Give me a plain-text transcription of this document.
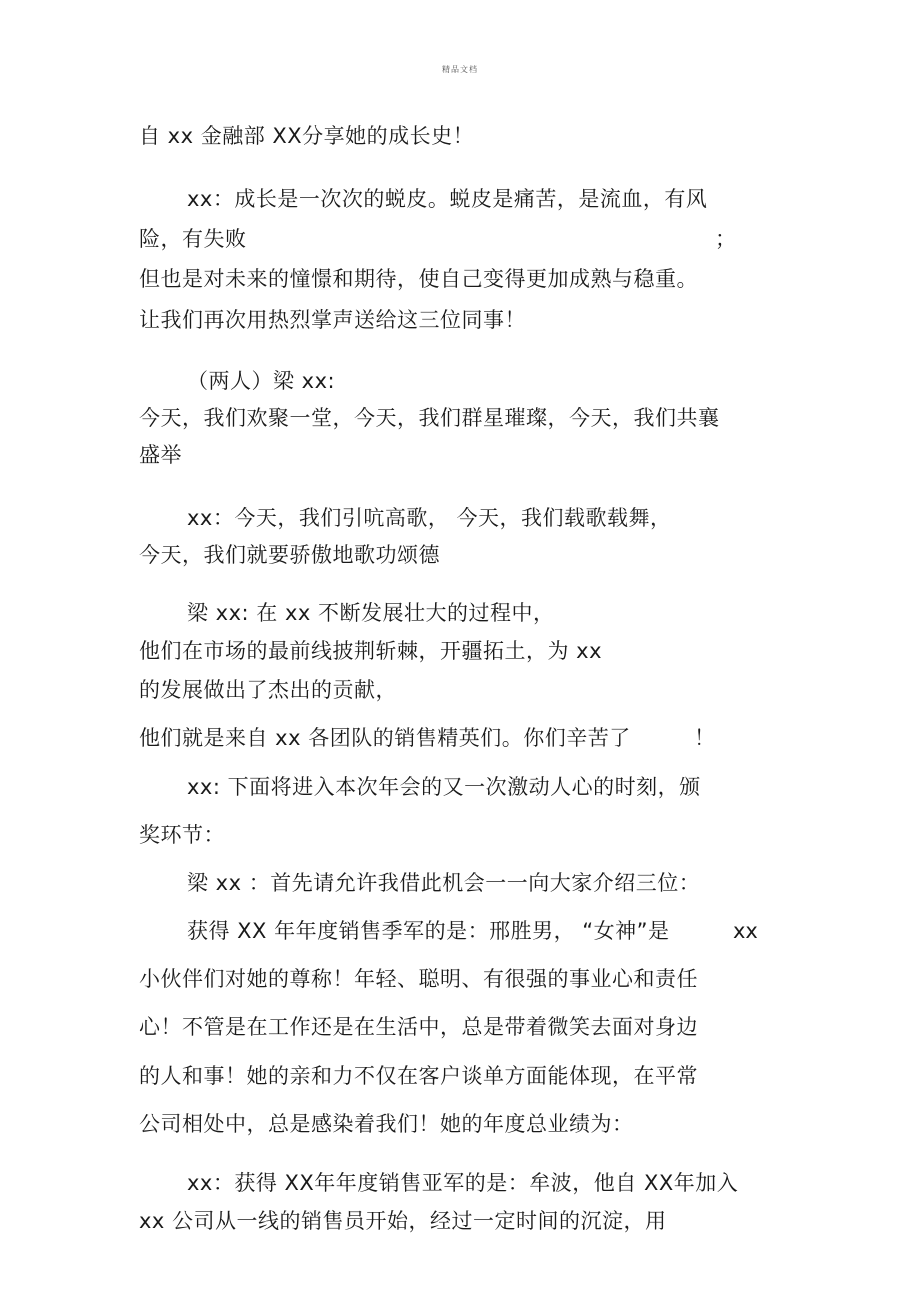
精品文档
自 xx 金融部 XX分享她的成长史！
xx：成长是一次次的蜕皮。蜕皮是痛苦，是流血，有风
险，有失败	；
但也是对未来的憧憬和期待，使自己变得更加成熟与稳重。
让我们再次用热烈掌声送给这三位同事！
（两人）梁 xx:
今天，我们欢聚一堂，今天，我们群星璀璨，今天，我们共襄
盛举
xx：今天，我们引吭高歌， 今天，我们载歌载舞，
今天，我们就要骄傲地歌功颂德
梁 xx: 在 xx 不断发展壮大的过程中，
他们在市场的最前线披荆斩棘，开疆拓土，为 xx
的发展做出了杰出的贡献，
他们就是来自 xx 各团队的销售精英们。你们辛苦了	！
xx: 下面将进入本次年会的又一次激动人心的时刻，颁
奖环节：
梁 xx ：首先请允许我借此机会一一向大家介绍三位：
获得 XX 年年度销售季军的是：邢胜男， “女神”是	xx
小伙伴们对她的尊称！年轻、聪明、有很强的事业心和责任
心！不管是在工作还是在生活中，总是带着微笑去面对身边
的人和事！她的亲和力不仅在客户谈单方面能体现，在平常
公司相处中，总是感染着我们！她的年度总业绩为：
xx：获得 XX年年度销售亚军的是：牟波，他自 XX年加入
xx 公司从一线的销售员开始，经过一定时间的沉淀，用
